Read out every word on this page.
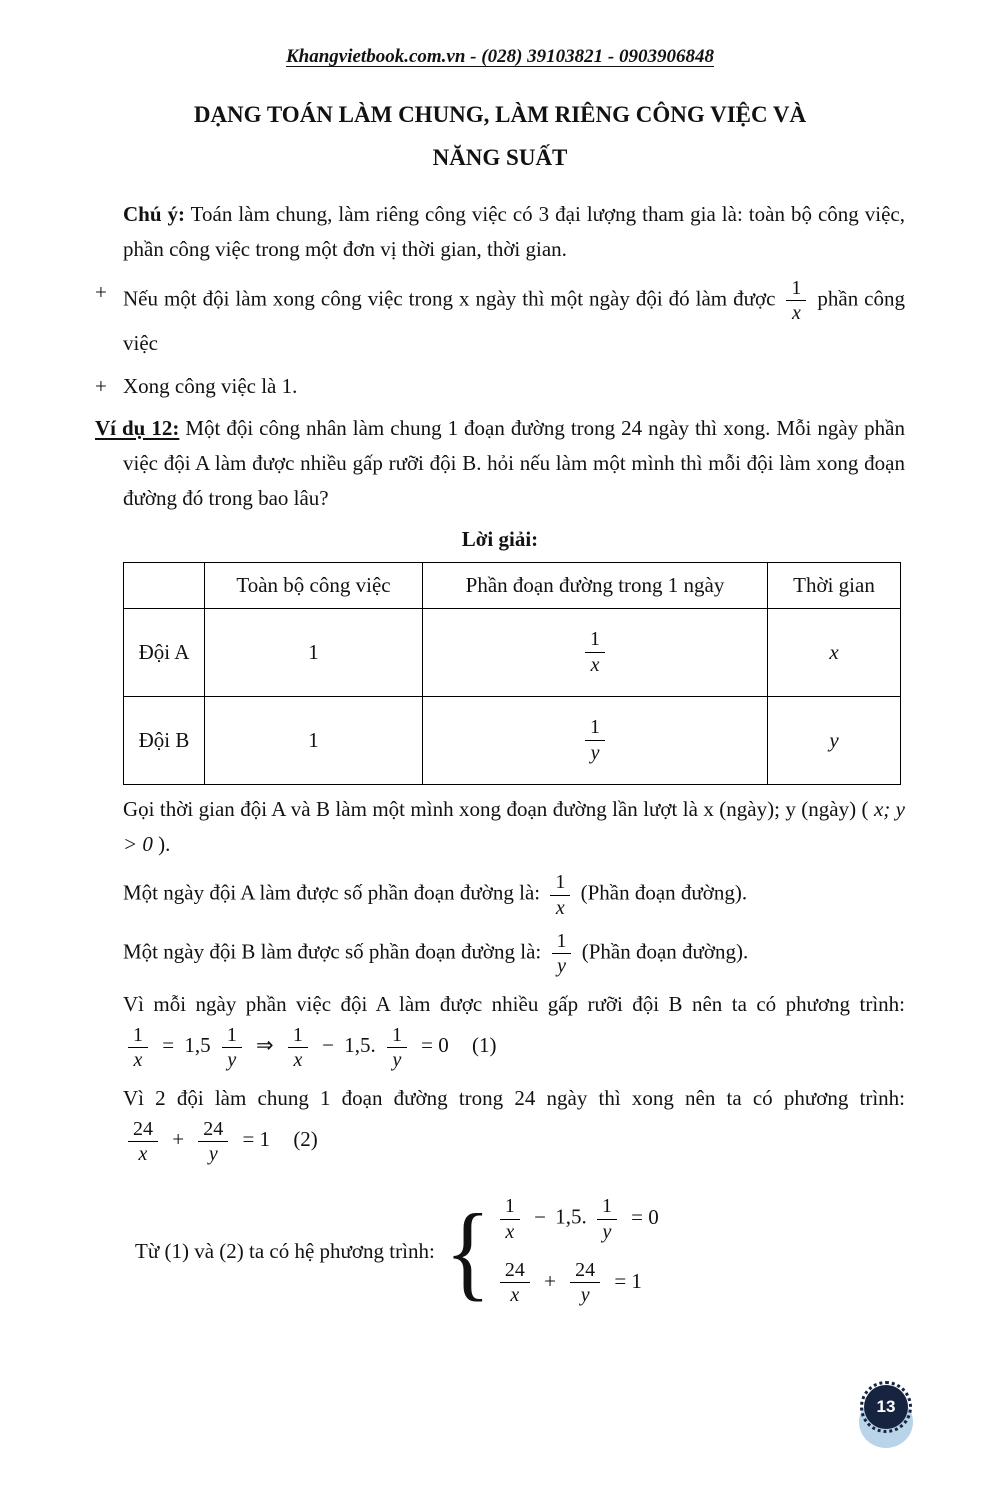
Khangvietbook.com.vn - (028) 39103821 - 0903906848
DẠNG TOÁN LÀM CHUNG, LÀM RIÊNG CÔNG VIỆC VÀ
NĂNG SUẤT
Chú ý: Toán làm chung, làm riêng công việc có 3 đại lượng tham gia là: toàn bộ công việc, phần công việc trong một đơn vị thời gian, thời gian.
+ Nếu một đội làm xong công việc trong x ngày thì một ngày đội đó làm được $\frac{1}{x}$ phần công việc
+ Xong công việc là 1.
Ví dụ 12: Một đội công nhân làm chung 1 đoạn đường trong 24 ngày thì xong. Mỗi ngày phần việc đội A làm được nhiều gấp rưỡi đội B. hỏi nếu làm một mình thì mỗi đội làm xong đoạn đường đó trong bao lâu?
Lời giải:
	Toàn bộ công việc	Phần đoạn đường trong 1 ngày	Thời gian
Đội A	1	$\frac{1}{x}$	x
Đội B	1	$\frac{1}{y}$	y
Gọi thời gian đội A và B làm một mình xong đoạn đường lần lượt là x (ngày); y (ngày) ( x; y > 0 ).
Một ngày đội A làm được số phần đoạn đường là: $\frac{1}{x}$ (Phần đoạn đường).
Một ngày đội B làm được số phần đoạn đường là: $\frac{1}{y}$ (Phần đoạn đường).
Vì mỗi ngày phần việc đội A làm được nhiều gấp rưỡi đội B nên ta có phương trình:
$\frac{1}{x} = 1,5 \frac{1}{y}$ ⇒ $\frac{1}{x} - 1,5$. $\frac{1}{y} = 0$ (1)
Vì 2 đội làm chung 1 đoạn đường trong 24 ngày thì xong nên ta có phương trình:
$\frac{24}{x} + \frac{24}{y} = 1$ (2)
Từ (1) và (2) ta có hệ phương trình: { $\frac{1}{x} - 1,5$. $\frac{1}{y} = 0$
$\frac{24}{x} + \frac{24}{y} = 1$
13
